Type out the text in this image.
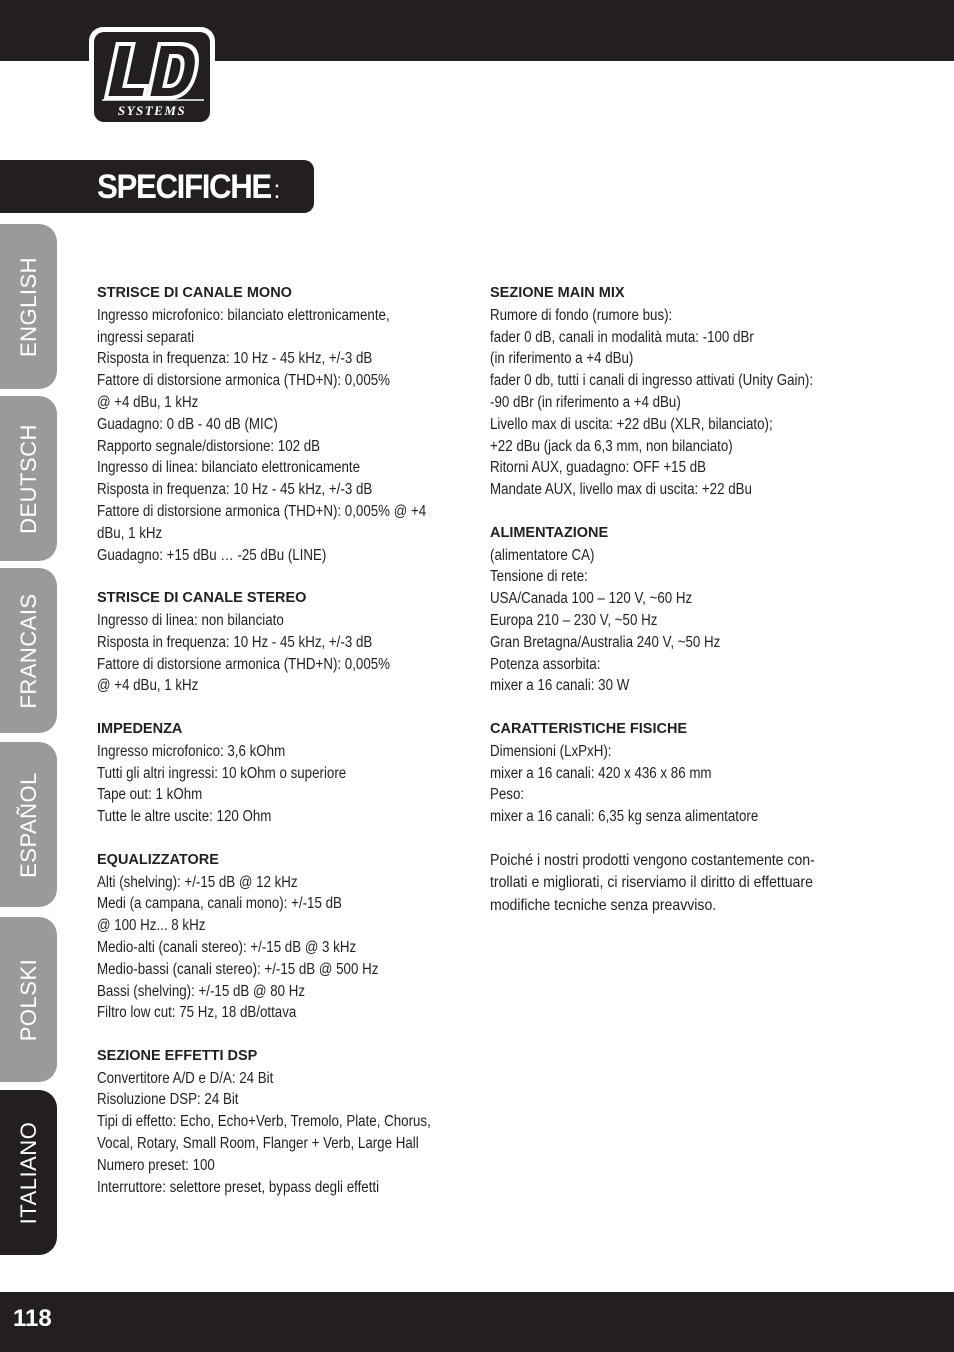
SYSTEMS
SPECIFICHE :
ENGLISH
DEUTSCH
FRANCAIS
ESPAÑOL
POLSKI
ITALIANO
STRISCE DI CANALE MONO
Ingresso microfonico: bilanciato elettronicamente,
ingressi separati
Risposta in frequenza: 10 Hz - 45 kHz, +/-3 dB
Fattore di distorsione armonica (THD+N): 0,005%
@ +4 dBu, 1 kHz
Guadagno: 0 dB - 40 dB (MIC)
Rapporto segnale/distorsione: 102 dB
Ingresso di linea: bilanciato elettronicamente
Risposta in frequenza: 10 Hz - 45 kHz, +/-3 dB
Fattore di distorsione armonica (THD+N): 0,005% @ +4
dBu, 1 kHz
Guadagno: +15 dBu … -25 dBu (LINE)
STRISCE DI CANALE STEREO
Ingresso di linea: non bilanciato
Risposta in frequenza: 10 Hz - 45 kHz, +/-3 dB
Fattore di distorsione armonica (THD+N): 0,005%
@ +4 dBu, 1 kHz
IMPEDENZA
Ingresso microfonico: 3,6 kOhm
Tutti gli altri ingressi: 10 kOhm o superiore
Tape out: 1 kOhm
Tutte le altre uscite: 120 Ohm
EQUALIZZATORE
Alti (shelving): +/-15 dB @ 12 kHz
Medi (a campana, canali mono): +/-15 dB
@ 100 Hz... 8 kHz
Medio-alti (canali stereo): +/-15 dB @ 3 kHz
Medio-bassi (canali stereo): +/-15 dB @ 500 Hz
Bassi (shelving): +/-15 dB @ 80 Hz
Filtro low cut: 75 Hz, 18 dB/ottava
SEZIONE EFFETTI DSP
Convertitore A/D e D/A: 24 Bit
Risoluzione DSP: 24 Bit
Tipi di effetto: Echo, Echo+Verb, Tremolo, Plate, Chorus,
Vocal, Rotary, Small Room, Flanger + Verb, Large Hall
Numero preset: 100
Interruttore: selettore preset, bypass degli effetti
SEZIONE MAIN MIX
Rumore di fondo (rumore bus):
fader 0 dB, canali in modalità muta: -100 dBr
(in riferimento a +4 dBu)
fader 0 db, tutti i canali di ingresso attivati (Unity Gain):
-90 dBr (in riferimento a +4 dBu)
Livello max di uscita: +22 dBu (XLR, bilanciato);
+22 dBu (jack da 6,3 mm, non bilanciato)
Ritorni AUX, guadagno: OFF +15 dB
Mandate AUX, livello max di uscita: +22 dBu
ALIMENTAZIONE
(alimentatore CA)
Tensione di rete:
USA/Canada 100 – 120 V, ~60 Hz
Europa 210 – 230 V, ~50 Hz
Gran Bretagna/Australia 240 V, ~50 Hz
Potenza assorbita:
mixer a 16 canali: 30 W
CARATTERISTICHE FISICHE
Dimensioni (LxPxH):
mixer a 16 canali: 420 x 436 x 86 mm
Peso:
mixer a 16 canali: 6,35 kg senza alimentatore
Poiché i nostri prodotti vengono costantemente con-
trollati e migliorati, ci riserviamo il diritto di effettuare
modifiche tecniche senza preavviso.
118
